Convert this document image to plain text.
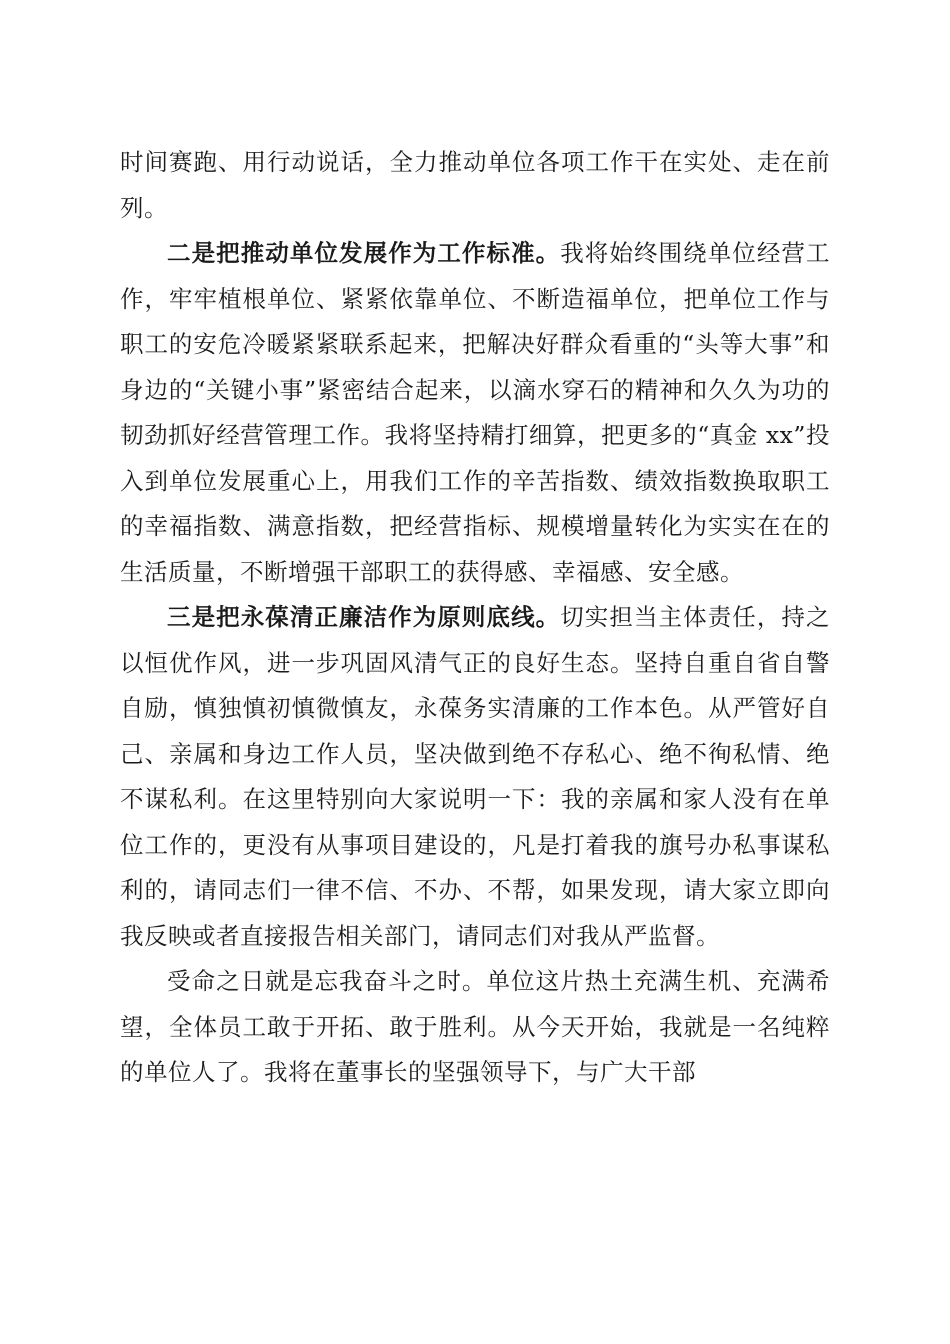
时间赛跑、用行动说话，全力推动单位各项工作干在实处、走在前列。

二是把推动单位发展作为工作标准。我将始终围绕单位经营工作，牢牢植根单位、紧紧依靠单位、不断造福单位，把单位工作与职工的安危冷暖紧紧联系起来，把解决好群众看重的“头等大事”和身边的“关键小事”紧密结合起来，以滴水穿石的精神和久久为功的韧劲抓好经营管理工作。我将坚持精打细算，把更多的“真金 xx”投入到单位发展重心上，用我们工作的辛苦指数、绩效指数换取职工的幸福指数、满意指数，把经营指标、规模增量转化为实实在在的生活质量，不断增强干部职工的获得感、幸福感、安全感。

三是把永葆清正廉洁作为原则底线。切实担当主体责任，持之以恒优作风，进一步巩固风清气正的良好生态。坚持自重自省自警自励，慎独慎初慎微慎友，永葆务实清廉的工作本色。从严管好自己、亲属和身边工作人员，坚决做到绝不存私心、绝不徇私情、绝不谋私利。在这里特别向大家说明一下：我的亲属和家人没有在单位工作的，更没有从事项目建设的，凡是打着我的旗号办私事谋私利的，请同志们一律不信、不办、不帮，如果发现，请大家立即向我反映或者直接报告相关部门，请同志们对我从严监督。

受命之日就是忘我奋斗之时。单位这片热土充满生机、充满希望，全体员工敢于开拓、敢于胜利。从今天开始，我就是一名纯粹的单位人了。我将在董事长的坚强领导下，与广大干部
